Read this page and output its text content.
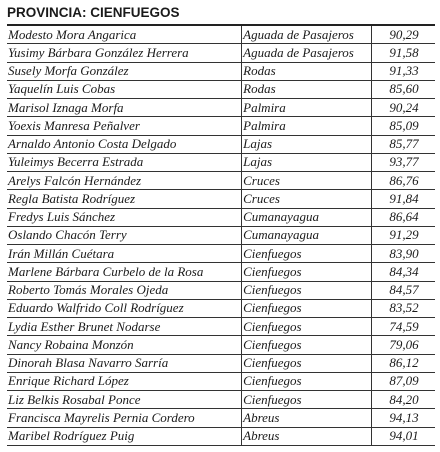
PROVINCIA: CIENFUEGOS
Modesto Mora Angarica	Aguada de Pasajeros	90,29
Yusimy Bárbara González Herrera	Aguada de Pasajeros	91,58
Susely Morfa González	Rodas	91,33
Yaquelín Luis Cobas	Rodas	85,60
Marisol Iznaga Morfa	Palmira	90,24
Yoexis Manresa Peñalver	Palmira	85,09
Arnaldo Antonio Costa Delgado	Lajas	85,77
Yuleimys Becerra Estrada	Lajas	93,77
Arelys Falcón Hernández	Cruces	86,76
Regla Batista Rodríguez	Cruces	91,84
Fredys Luis Sánchez	Cumanayagua	86,64
Oslando Chacón Terry	Cumanayagua	91,29
Irán Millán Cuétara	Cienfuegos	83,90
Marlene Bárbara Curbelo de la Rosa	Cienfuegos	84,34
Roberto Tomás Morales Ojeda	Cienfuegos	84,57
Eduardo Walfrido Coll Rodríguez	Cienfuegos	83,52
Lydia Esther Brunet Nodarse	Cienfuegos	74,59
Nancy Robaina Monzón	Cienfuegos	79,06
Dinorah Blasa Navarro Sarría	Cienfuegos	86,12
Enrique Richard López	Cienfuegos	87,09
Liz Belkis Rosabal Ponce	Cienfuegos	84,20
Francisca Mayrelis Pernia Cordero	Abreus	94,13
Maribel Rodríguez Puig	Abreus	94,01
